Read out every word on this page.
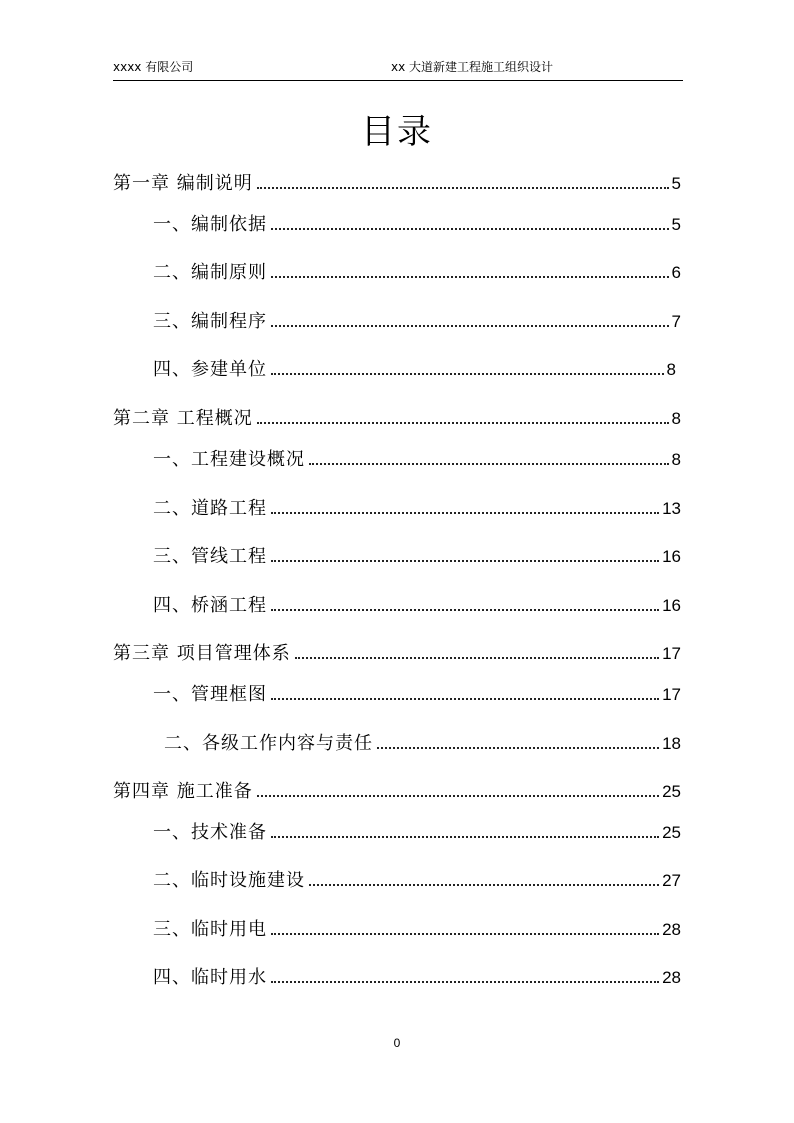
xxxx 有限公司	xx 大道新建工程施工组织设计
目录
第一章 编制说明	5
一、编制依据	5
二、编制原则	6
三、编制程序	7
四、参建单位	8
第二章 工程概况	8
一、工程建设概况	8
二、道路工程	13
三、管线工程	16
四、桥涵工程	16
第三章 项目管理体系	17
一、管理框图	17
二、各级工作内容与责任	18
第四章 施工准备	25
一、技术准备	25
二、临时设施建设	27
三、临时用电	28
四、临时用水	28
0
